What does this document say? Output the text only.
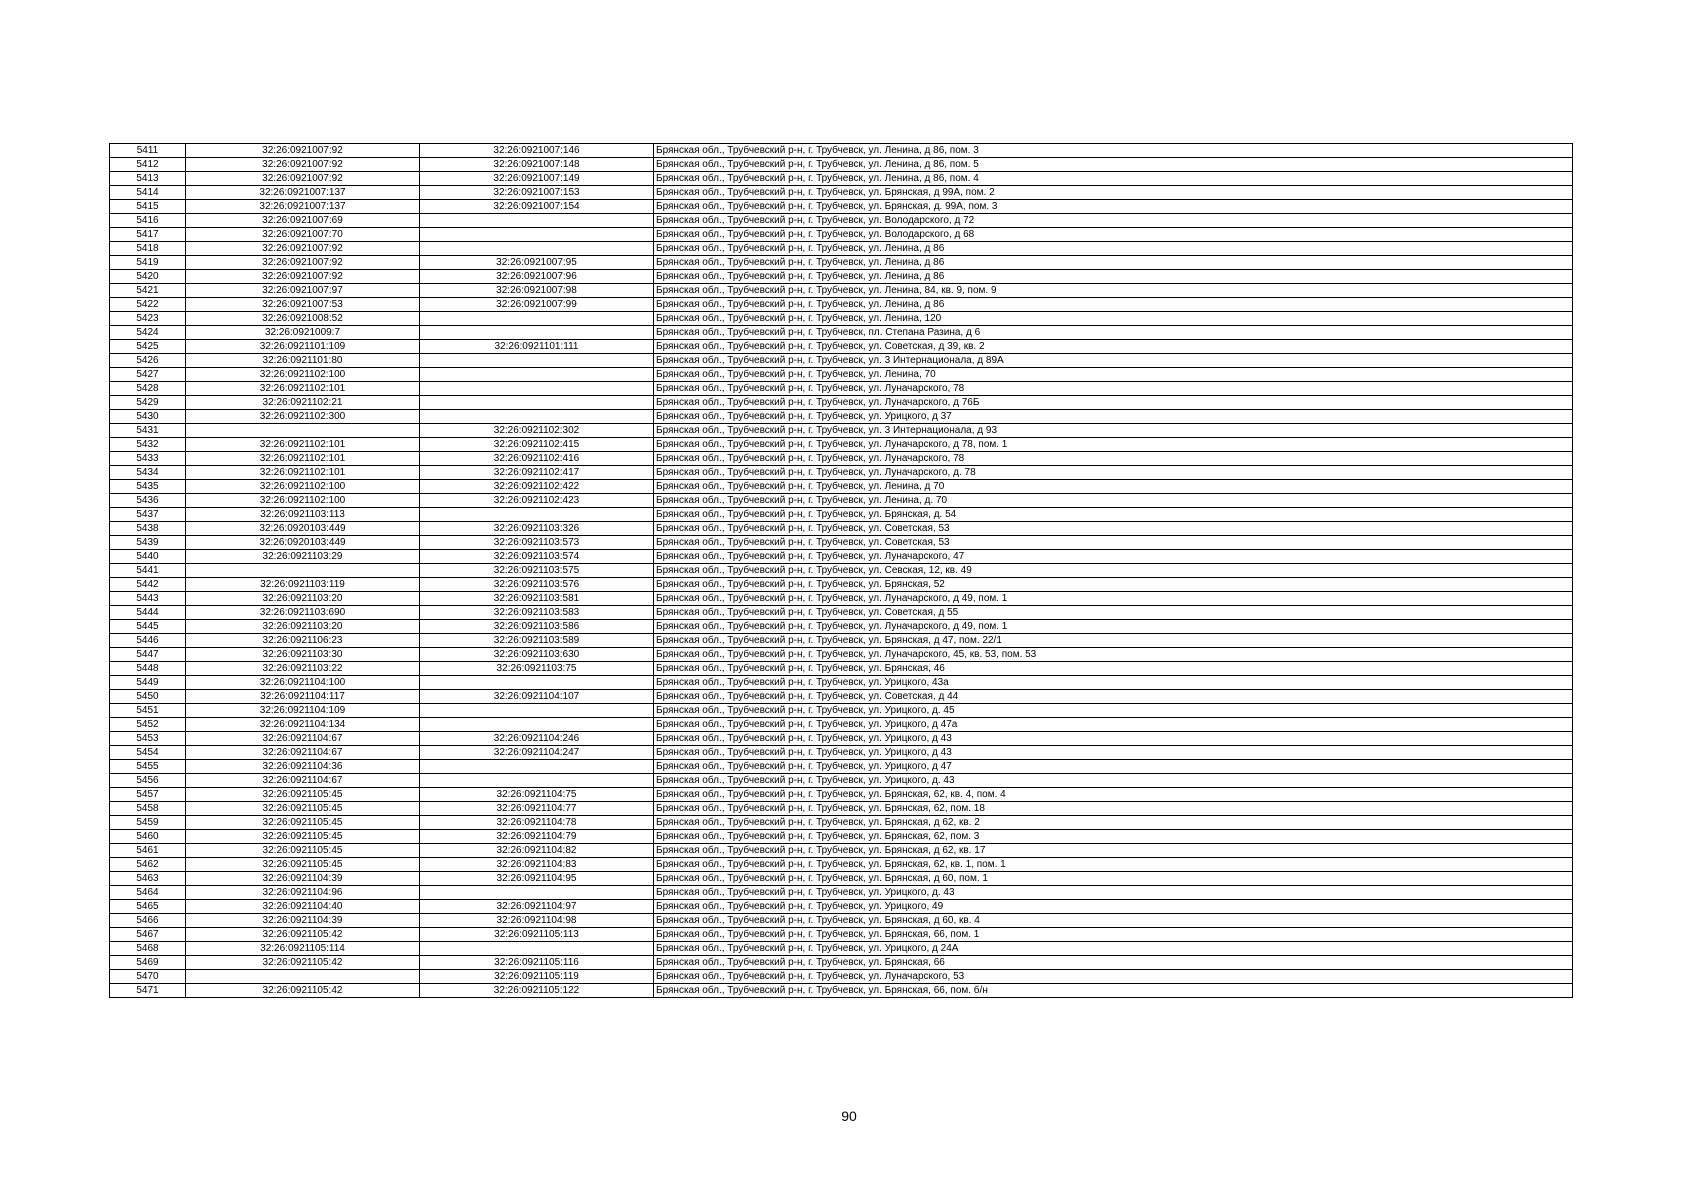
5411	32:26:0921007:92	32:26:0921007:146	Брянская обл., Трубчевский р-н, г. Трубчевск, ул. Ленина, д 86, пом. 3
5412	32:26:0921007:92	32:26:0921007:148	Брянская обл., Трубчевский р-н, г. Трубчевск, ул. Ленина, д 86, пом. 5
5413	32:26:0921007:92	32:26:0921007:149	Брянская обл., Трубчевский р-н, г. Трубчевск, ул. Ленина, д 86, пом. 4
5414	32:26:0921007:137	32:26:0921007:153	Брянская обл., Трубчевский р-н, г. Трубчевск, ул. Брянская, д 99А, пом. 2
5415	32:26:0921007:137	32:26:0921007:154	Брянская обл., Трубчевский р-н, г. Трубчевск, ул. Брянская, д. 99А, пом. 3
5416	32:26:0921007:69		Брянская обл., Трубчевский р-н, г. Трубчевск, ул. Володарского, д 72
5417	32:26:0921007:70		Брянская обл., Трубчевский р-н, г. Трубчевск, ул. Володарского, д 68
5418	32:26:0921007:92		Брянская обл., Трубчевский р-н, г. Трубчевск, ул. Ленина, д 86
5419	32:26:0921007:92	32:26:0921007:95	Брянская обл., Трубчевский р-н, г. Трубчевск, ул. Ленина, д 86
5420	32:26:0921007:92	32:26:0921007:96	Брянская обл., Трубчевский р-н, г. Трубчевск, ул. Ленина, д 86
5421	32:26:0921007:97	32:26:0921007:98	Брянская обл., Трубчевский р-н, г. Трубчевск, ул. Ленина, 84, кв. 9, пом. 9
5422	32:26:0921007:53	32:26:0921007:99	Брянская обл., Трубчевский р-н, г. Трубчевск, ул. Ленина, д 86
5423	32:26:0921008:52		Брянская обл., Трубчевский р-н, г. Трубчевск, ул. Ленина, 120
5424	32:26:0921009:7		Брянская обл., Трубчевский р-н, г. Трубчевск, пл. Степана Разина, д 6
5425	32:26:0921101:109	32:26:0921101:111	Брянская обл., Трубчевский р-н, г. Трубчевск, ул. Советская, д 39, кв. 2
5426	32:26:0921101:80		Брянская обл., Трубчевский р-н, г. Трубчевск, ул. 3 Интернационала, д 89А
5427	32:26:0921102:100		Брянская обл., Трубчевский р-н, г. Трубчевск, ул. Ленина, 70
5428	32:26:0921102:101		Брянская обл., Трубчевский р-н, г. Трубчевск, ул. Луначарского, 78
5429	32:26:0921102:21		Брянская обл., Трубчевский р-н, г. Трубчевск, ул. Луначарского, д 76Б
5430	32:26:0921102:300		Брянская обл., Трубчевский р-н, г. Трубчевск, ул. Урицкого, д 37
5431		32:26:0921102:302	Брянская обл., Трубчевский р-н, г. Трубчевск, ул. 3 Интернационала, д 93
5432	32:26:0921102:101	32:26:0921102:415	Брянская обл., Трубчевский р-н, г. Трубчевск, ул. Луначарского, д 78, пом. 1
5433	32:26:0921102:101	32:26:0921102:416	Брянская обл., Трубчевский р-н, г. Трубчевск, ул. Луначарского, 78
5434	32:26:0921102:101	32:26:0921102:417	Брянская обл., Трубчевский р-н, г. Трубчевск, ул. Луначарского, д. 78
5435	32:26:0921102:100	32:26:0921102:422	Брянская обл., Трубчевский р-н, г. Трубчевск, ул. Ленина, д 70
5436	32:26:0921102:100	32:26:0921102:423	Брянская обл., Трубчевский р-н, г. Трубчевск, ул. Ленина, д. 70
5437	32:26:0921103:113		Брянская обл., Трубчевский р-н, г. Трубчевск, ул. Брянская, д. 54
5438	32:26:0920103:449	32:26:0921103:326	Брянская обл., Трубчевский р-н, г. Трубчевск, ул. Советская, 53
5439	32:26:0920103:449	32:26:0921103:573	Брянская обл., Трубчевский р-н, г. Трубчевск, ул. Советская, 53
5440	32:26:0921103:29	32:26:0921103:574	Брянская обл., Трубчевский р-н, г. Трубчевск, ул. Луначарского, 47
5441		32:26:0921103:575	Брянская обл., Трубчевский р-н, г. Трубчевск, ул. Севская, 12, кв. 49
5442	32:26:0921103:119	32:26:0921103:576	Брянская обл., Трубчевский р-н, г. Трубчевск, ул. Брянская, 52
5443	32:26:0921103:20	32:26:0921103:581	Брянская обл., Трубчевский р-н, г. Трубчевск, ул. Луначарского, д 49, пом. 1
5444	32:26:0921103:690	32:26:0921103:583	Брянская обл., Трубчевский р-н, г. Трубчевск, ул. Советская, д 55
5445	32:26:0921103:20	32:26:0921103:586	Брянская обл., Трубчевский р-н, г. Трубчевск, ул. Луначарского, д 49, пом. 1
5446	32:26:0921106:23	32:26:0921103:589	Брянская обл., Трубчевский р-н, г. Трубчевск, ул. Брянская, д 47, пом. 22/1
5447	32:26:0921103:30	32:26:0921103:630	Брянская обл., Трубчевский р-н, г. Трубчевск, ул. Луначарского, 45, кв. 53, пом. 53
5448	32:26:0921103:22	32:26:0921103:75	Брянская обл., Трубчевский р-н, г. Трубчевск, ул. Брянская, 46
5449	32:26:0921104:100		Брянская обл., Трубчевский р-н, г. Трубчевск, ул. Урицкого, 43а
5450	32:26:0921104:117	32:26:0921104:107	Брянская обл., Трубчевский р-н, г. Трубчевск, ул. Советская, д 44
5451	32:26:0921104:109		Брянская обл., Трубчевский р-н, г. Трубчевск, ул. Урицкого, д. 45
5452	32:26:0921104:134		Брянская обл., Трубчевский р-н, г. Трубчевск, ул. Урицкого, д 47а
5453	32:26:0921104:67	32:26:0921104:246	Брянская обл., Трубчевский р-н, г. Трубчевск, ул. Урицкого, д 43
5454	32:26:0921104:67	32:26:0921104:247	Брянская обл., Трубчевский р-н, г. Трубчевск, ул. Урицкого, д 43
5455	32:26:0921104:36		Брянская обл., Трубчевский р-н, г. Трубчевск, ул. Урицкого, д 47
5456	32:26:0921104:67		Брянская обл., Трубчевский р-н, г. Трубчевск, ул. Урицкого, д. 43
5457	32:26:0921105:45	32:26:0921104:75	Брянская обл., Трубчевский р-н, г. Трубчевск, ул. Брянская, 62, кв. 4, пом. 4
5458	32:26:0921105:45	32:26:0921104:77	Брянская обл., Трубчевский р-н, г. Трубчевск, ул. Брянская, 62, пом. 18
5459	32:26:0921105:45	32:26:0921104:78	Брянская обл., Трубчевский р-н, г. Трубчевск, ул. Брянская, д 62, кв. 2
5460	32:26:0921105:45	32:26:0921104:79	Брянская обл., Трубчевский р-н, г. Трубчевск, ул. Брянская, 62, пом. 3
5461	32:26:0921105:45	32:26:0921104:82	Брянская обл., Трубчевский р-н, г. Трубчевск, ул. Брянская, д 62, кв. 17
5462	32:26:0921105:45	32:26:0921104:83	Брянская обл., Трубчевский р-н, г. Трубчевск, ул. Брянская, 62, кв. 1, пом. 1
5463	32:26:0921104:39	32:26:0921104:95	Брянская обл., Трубчевский р-н, г. Трубчевск, ул. Брянская, д 60, пом. 1
5464	32:26:0921104:96		Брянская обл., Трубчевский р-н, г. Трубчевск, ул. Урицкого, д. 43
5465	32:26:0921104:40	32:26:0921104:97	Брянская обл., Трубчевский р-н, г. Трубчевск, ул. Урицкого, 49
5466	32:26:0921104:39	32:26:0921104:98	Брянская обл., Трубчевский р-н, г. Трубчевск, ул. Брянская, д 60, кв. 4
5467	32:26:0921105:42	32:26:0921105:113	Брянская обл., Трубчевский р-н, г. Трубчевск, ул. Брянская, 66, пом. 1
5468	32:26:0921105:114		Брянская обл., Трубчевский р-н, г. Трубчевск, ул. Урицкого, д 24А
5469	32:26:0921105:42	32:26:0921105:116	Брянская обл., Трубчевский р-н, г. Трубчевск, ул. Брянская, 66
5470		32:26:0921105:119	Брянская обл., Трубчевский р-н, г. Трубчевск, ул. Луначарского, 53
5471	32:26:0921105:42	32:26:0921105:122	Брянская обл., Трубчевский р-н, г. Трубчевск, ул. Брянская, 66, пом. б/н
90
